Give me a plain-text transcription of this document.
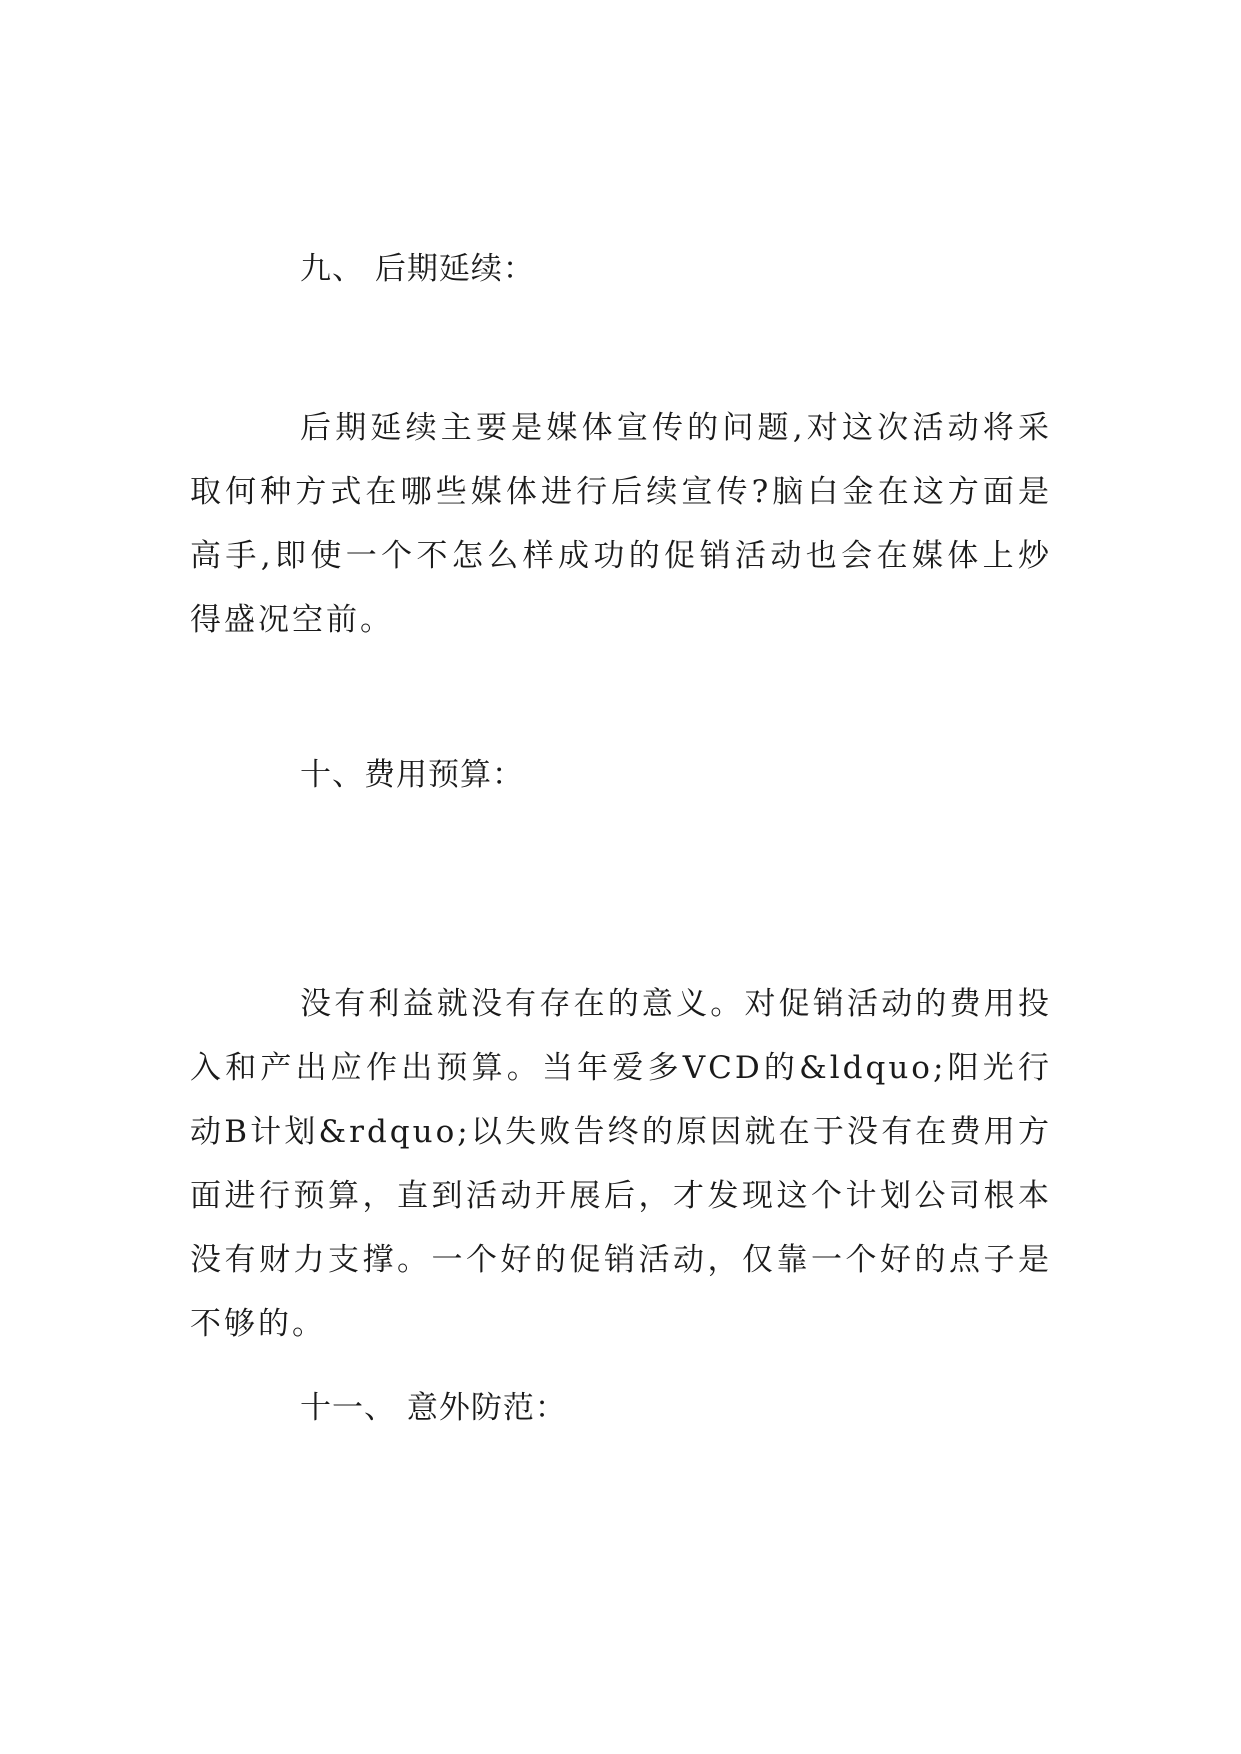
九、 后期延续：
后期延续主要是媒体宣传的问题,对这次活动将采取何种方式在哪些媒体进行后续宣传?脑白金在这方面是高手,即使一个不怎么样成功的促销活动也会在媒体上炒得盛况空前。
十、费用预算：
没有利益就没有存在的意义。对促销活动的费用投入和产出应作出预算。当年爱多VCD的&ldquo;阳光行动B计划&rdquo;以失败告终的原因就在于没有在费用方面进行预算，直到活动开展后，才发现这个计划公司根本没有财力支撑。一个好的促销活动，仅靠一个好的点子是不够的。
十一、 意外防范：
